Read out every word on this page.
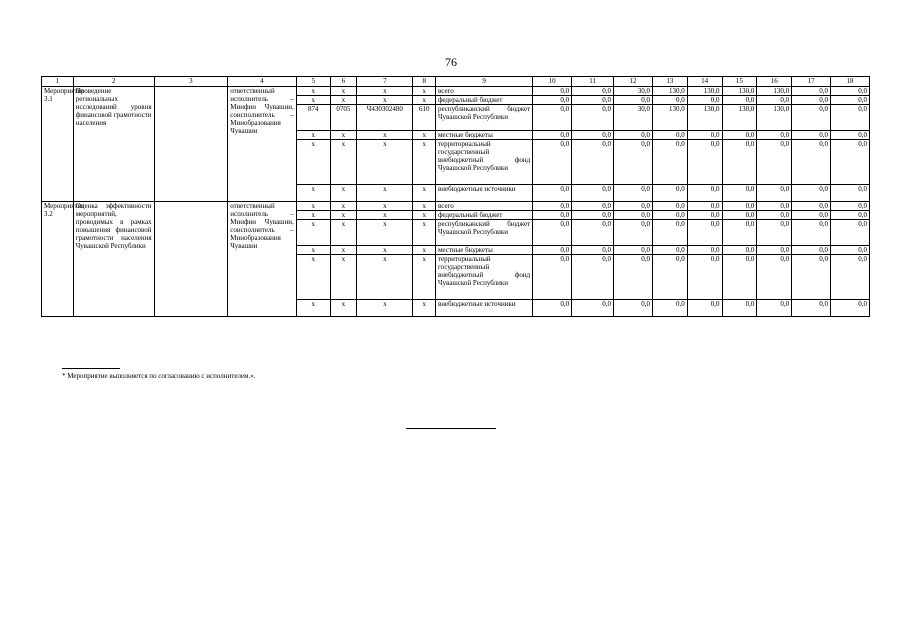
76
1	2	3	4	5	6	7	8	9	10	11	12	13	14	15	16	17	18
Мероприятие 3.1	Проведение региональных исследований уровня финансовой грамотности населения		ответственный исполнитель – Минфин Чувашии, соисполнитель – Минобразования Чувашии	x	x	x	x	всего	0,0	0,0	30,0	130,0	130,0	130,0	130,0	0,0	0,0
				x	x	x	x	федеральный бюджет	0,0	0,0	0,0	0,0	0,0	0,0	0,0	0,0	0,0
				874	0705	Ч430302480	610	республиканский бюджет Чувашской Республики	0,0	0,0	30,0	130,0	130,0	130,0	130,0	0,0	0,0
				x	x	x	x	местные бюджеты	0,0	0,0	0,0	0,0	0,0	0,0	0,0	0,0	0,0
				x	x	x	x	территориальный государственный внебюджетный фонд Чувашской Республики	0,0	0,0	0,0	0,0	0,0	0,0	0,0	0,0	0,0
				x	x	x	x	внебюджетные источники	0,0	0,0	0,0	0,0	0,0	0,0	0,0	0,0	0,0
Мероприятие 3.2	Оценка эффективности мероприятий, проводимых в рамках повышения финансовой грамотности населения Чувашской Республики		ответственный исполнитель – Минфин Чувашии, соисполнитель – Минобразования Чувашии	x	x	x	x	всего	0,0	0,0	0,0	0,0	0,0	0,0	0,0	0,0	0,0
				x	x	x	x	федеральный бюджет	0,0	0,0	0,0	0,0	0,0	0,0	0,0	0,0	0,0
				x	x	x	x	республиканский бюджет Чувашской Республики	0,0	0,0	0,0	0,0	0,0	0,0	0,0	0,0	0,0
				x	x	x	x	местные бюджеты	0,0	0,0	0,0	0,0	0,0	0,0	0,0	0,0	0,0
				x	x	x	x	территориальный государственный внебюджетный фонд Чувашской Республики	0,0	0,0	0,0	0,0	0,0	0,0	0,0	0,0	0,0
				x	x	x	x	внебюджетные источники	0,0	0,0	0,0	0,0	0,0	0,0	0,0	0,0	0,0
* Мероприятие выполняется по согласованию с исполнителем.».
